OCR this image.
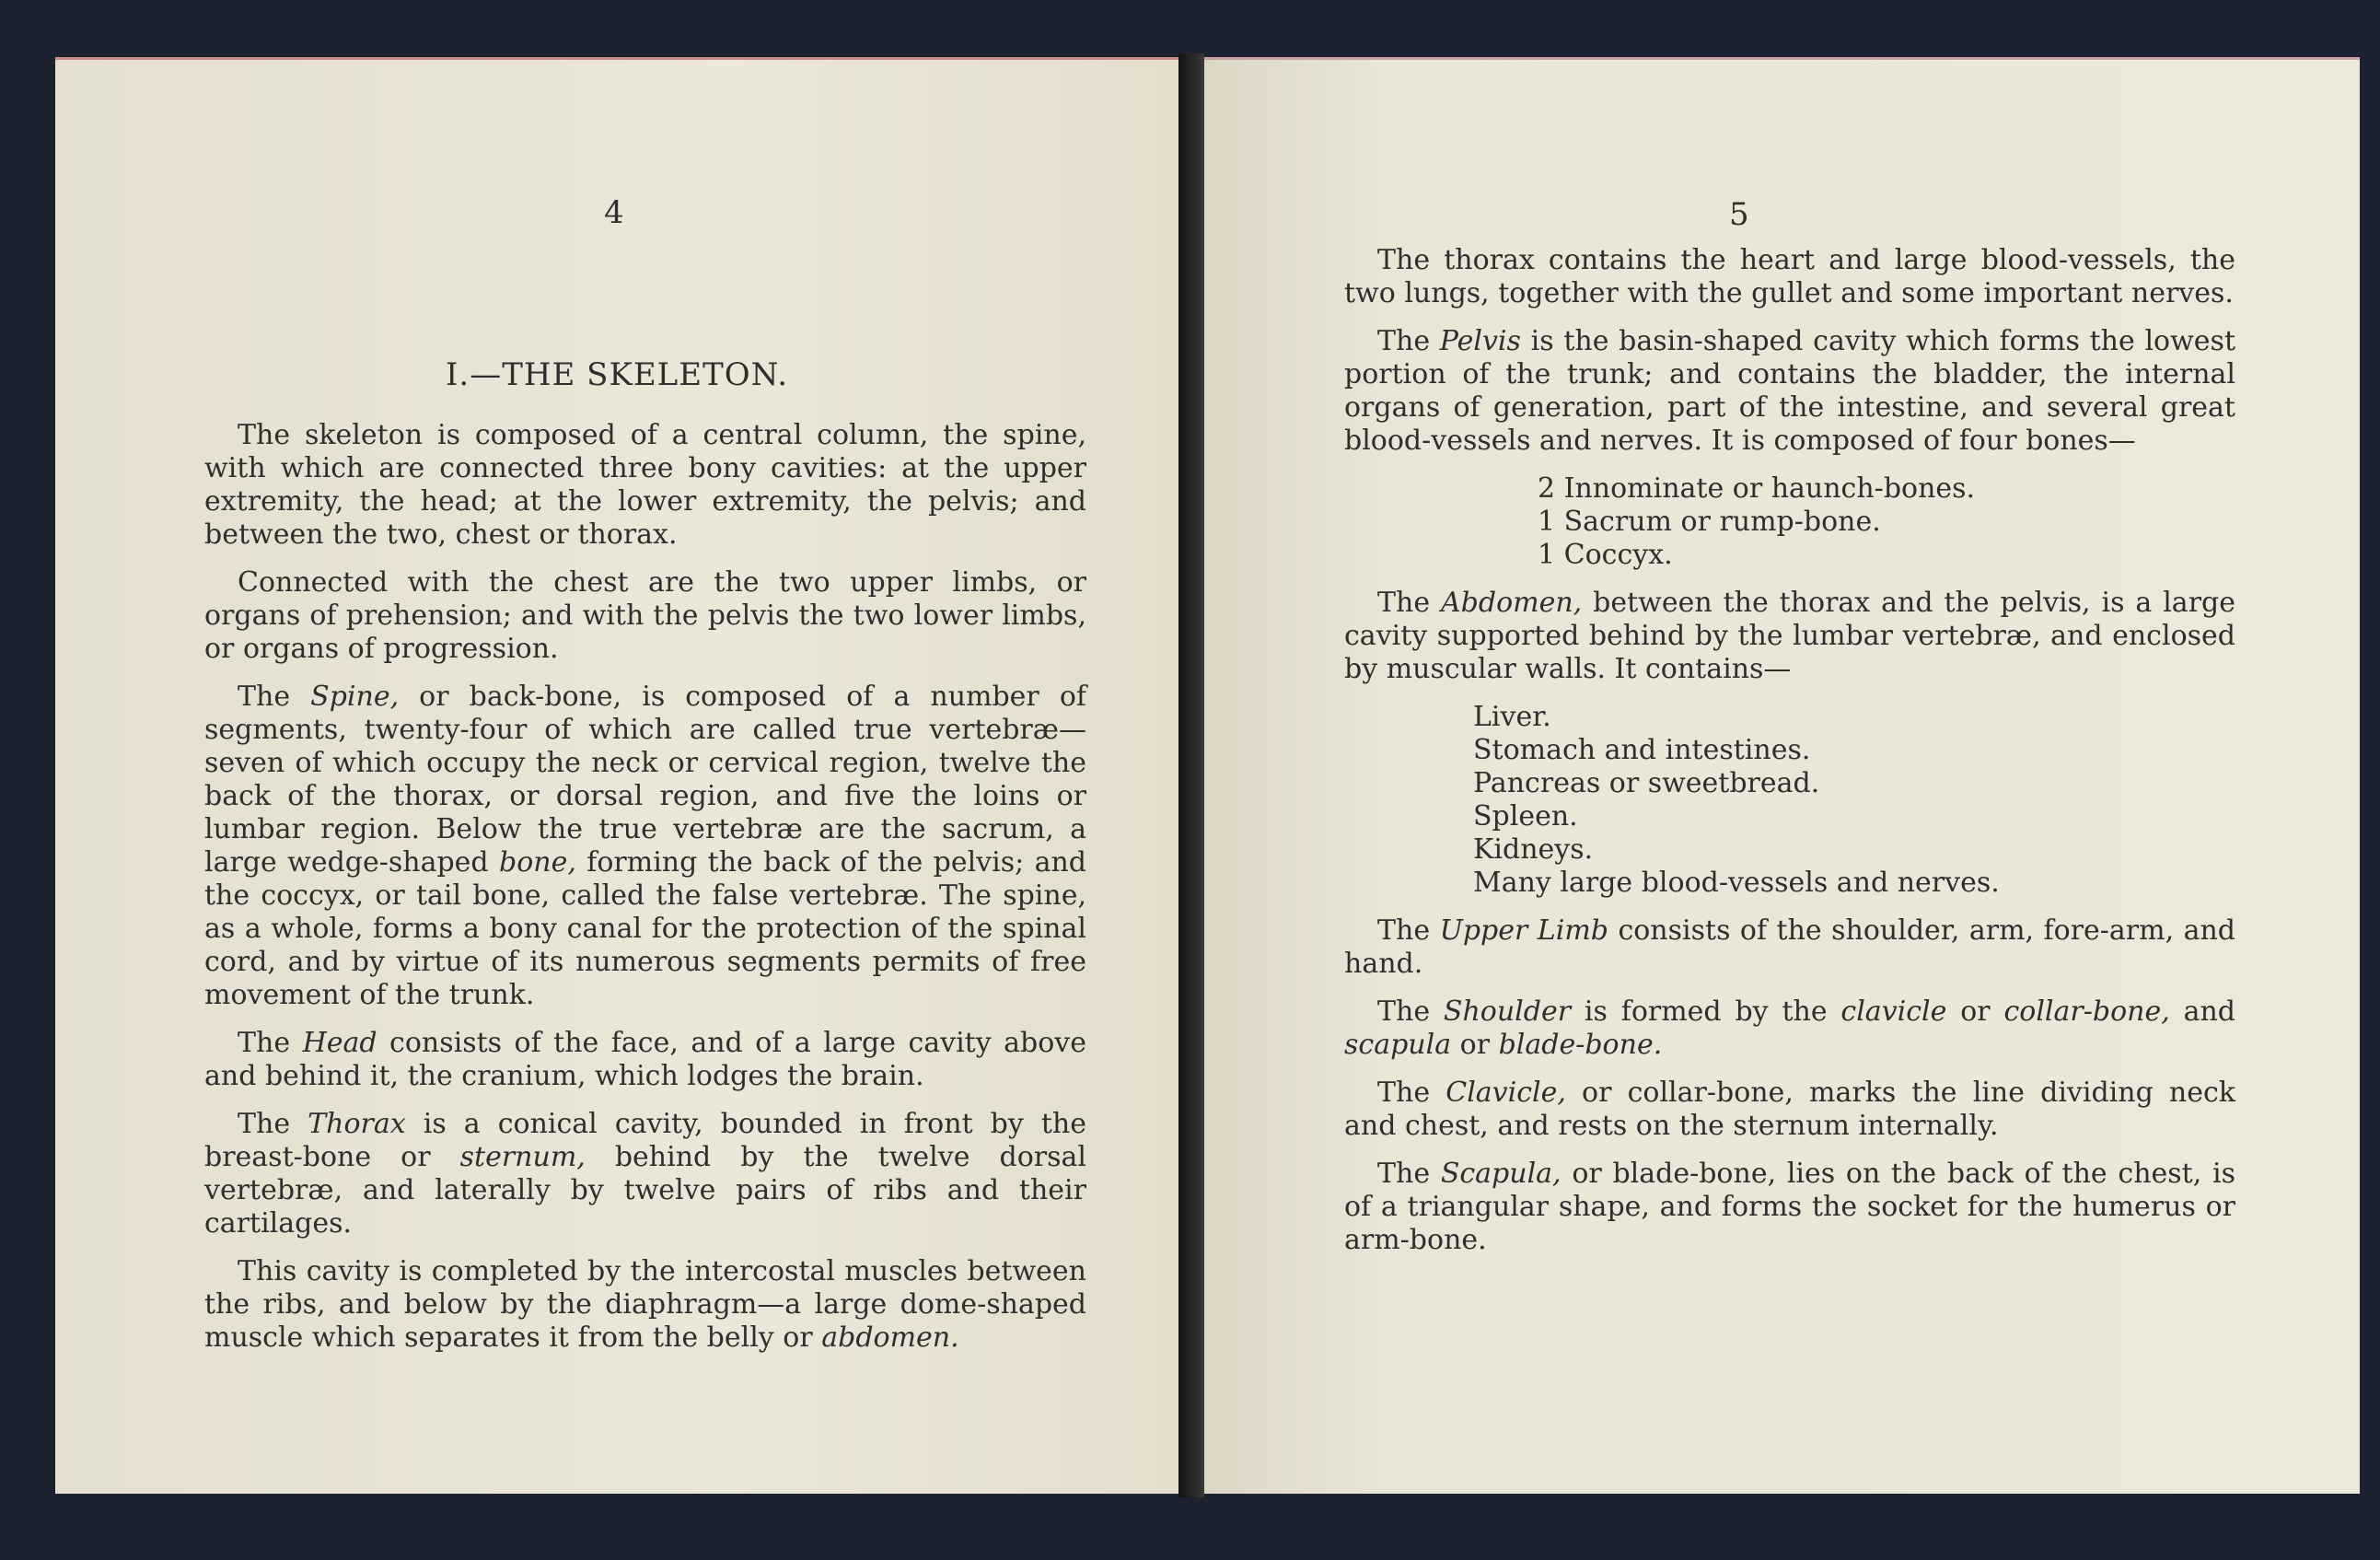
4
I.—THE SKELETON.

The skeleton is composed of a central column, the spine, with which are connected three bony cavities: at the upper extremity, the head; at the lower extremity, the pelvis; and between the two, chest or thorax.

Connected with the chest are the two upper limbs, or organs of prehension; and with the pelvis the two lower limbs, or organs of progression.

The Spine, or back-bone, is composed of a number of segments, twenty-four of which are called true vertebræ—seven of which occupy the neck or cervical region, twelve the back of the thorax, or dorsal region, and five the loins or lumbar region. Below the true vertebræ are the sacrum, a large wedge-shaped bone, forming the back of the pelvis; and the coccyx, or tail bone, called the false vertebræ. The spine, as a whole, forms a bony canal for the protection of the spinal cord, and by virtue of its numerous segments permits of free movement of the trunk.

The Head consists of the face, and of a large cavity above and behind it, the cranium, which lodges the brain.

The Thorax is a conical cavity, bounded in front by the breast-bone or sternum, behind by the twelve dorsal vertebræ, and laterally by twelve pairs of ribs and their cartilages.

This cavity is completed by the intercostal muscles between the ribs, and below by the diaphragm—a large dome-shaped muscle which separates it from the belly or abdomen.

5

The thorax contains the heart and large blood-vessels, the two lungs, together with the gullet and some important nerves.

The Pelvis is the basin-shaped cavity which forms the lowest portion of the trunk; and contains the bladder, the internal organs of generation, part of the intestine, and several great blood-vessels and nerves. It is composed of four bones—

2 Innominate or haunch-bones.
1 Sacrum or rump-bone.
1 Coccyx.

The Abdomen, between the thorax and the pelvis, is a large cavity supported behind by the lumbar vertebræ, and enclosed by muscular walls. It contains—

Liver.
Stomach and intestines.
Pancreas or sweetbread.
Spleen.
Kidneys.
Many large blood-vessels and nerves.

The Upper Limb consists of the shoulder, arm, fore-arm, and hand.

The Shoulder is formed by the clavicle or collar-bone, and scapula or blade-bone.

The Clavicle, or collar-bone, marks the line dividing neck and chest, and rests on the sternum internally.

The Scapula, or blade-bone, lies on the back of the chest, is of a triangular shape, and forms the socket for the humerus or arm-bone.
